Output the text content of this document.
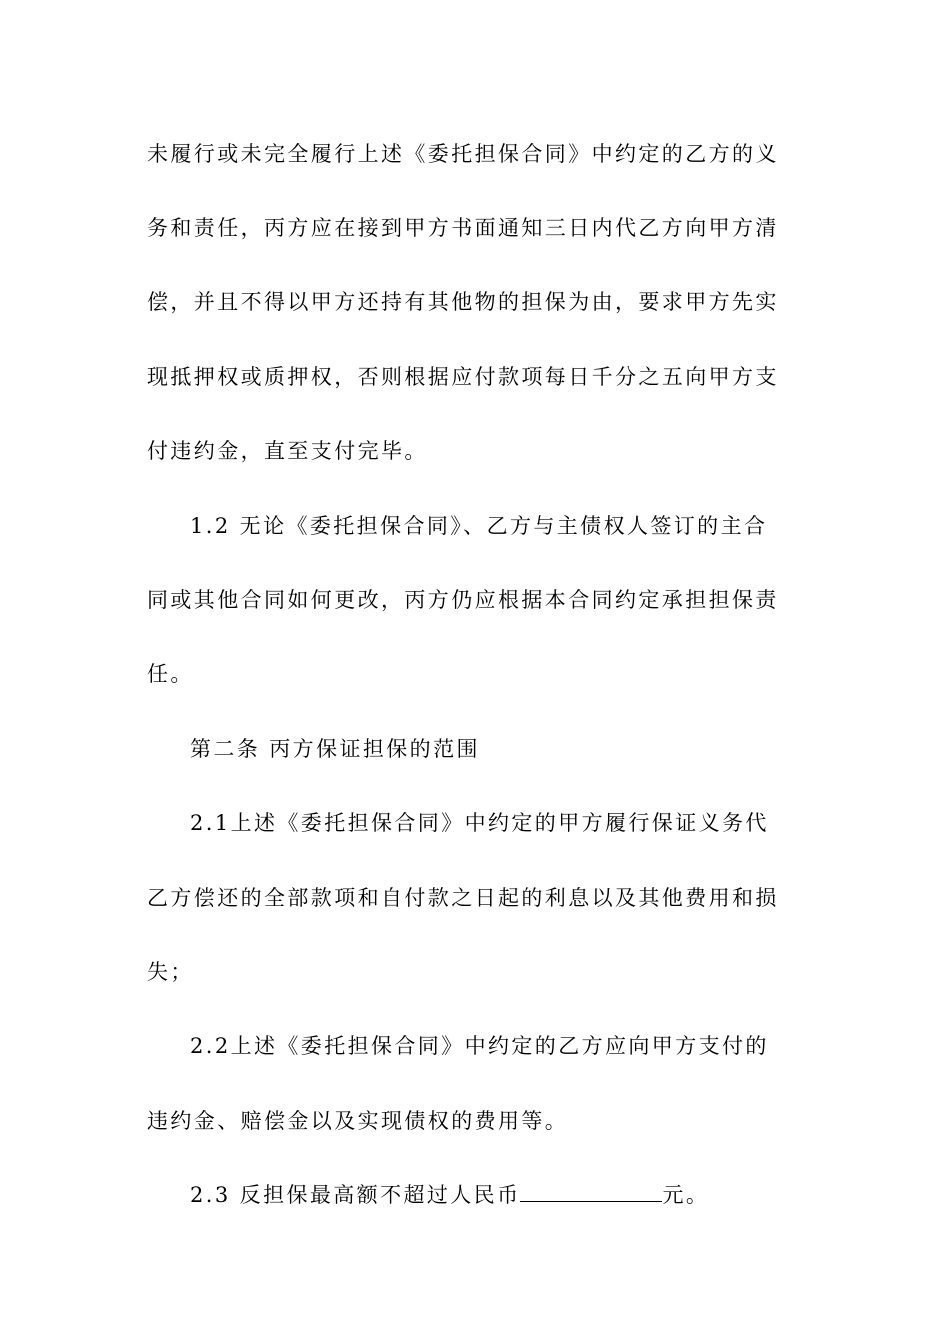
未履行或未完全履行上述《委托担保合同》中约定的乙方的义
务和责任，丙方应在接到甲方书面通知三日内代乙方向甲方清
偿，并且不得以甲方还持有其他物的担保为由，要求甲方先实
现抵押权或质押权，否则根据应付款项每日千分之五向甲方支
付违约金，直至支付完毕。
1.2 无论《委托担保合同》、乙方与主债权人签订的主合
同或其他合同如何更改，丙方仍应根据本合同约定承担担保责
任。
第二条 丙方保证担保的范围
2.1上述《委托担保合同》中约定的甲方履行保证义务代
乙方偿还的全部款项和自付款之日起的利息以及其他费用和损
失；
2.2上述《委托担保合同》中约定的乙方应向甲方支付的
违约金、赔偿金以及实现债权的费用等。
2.3 反担保最高额不超过人民币	元。
